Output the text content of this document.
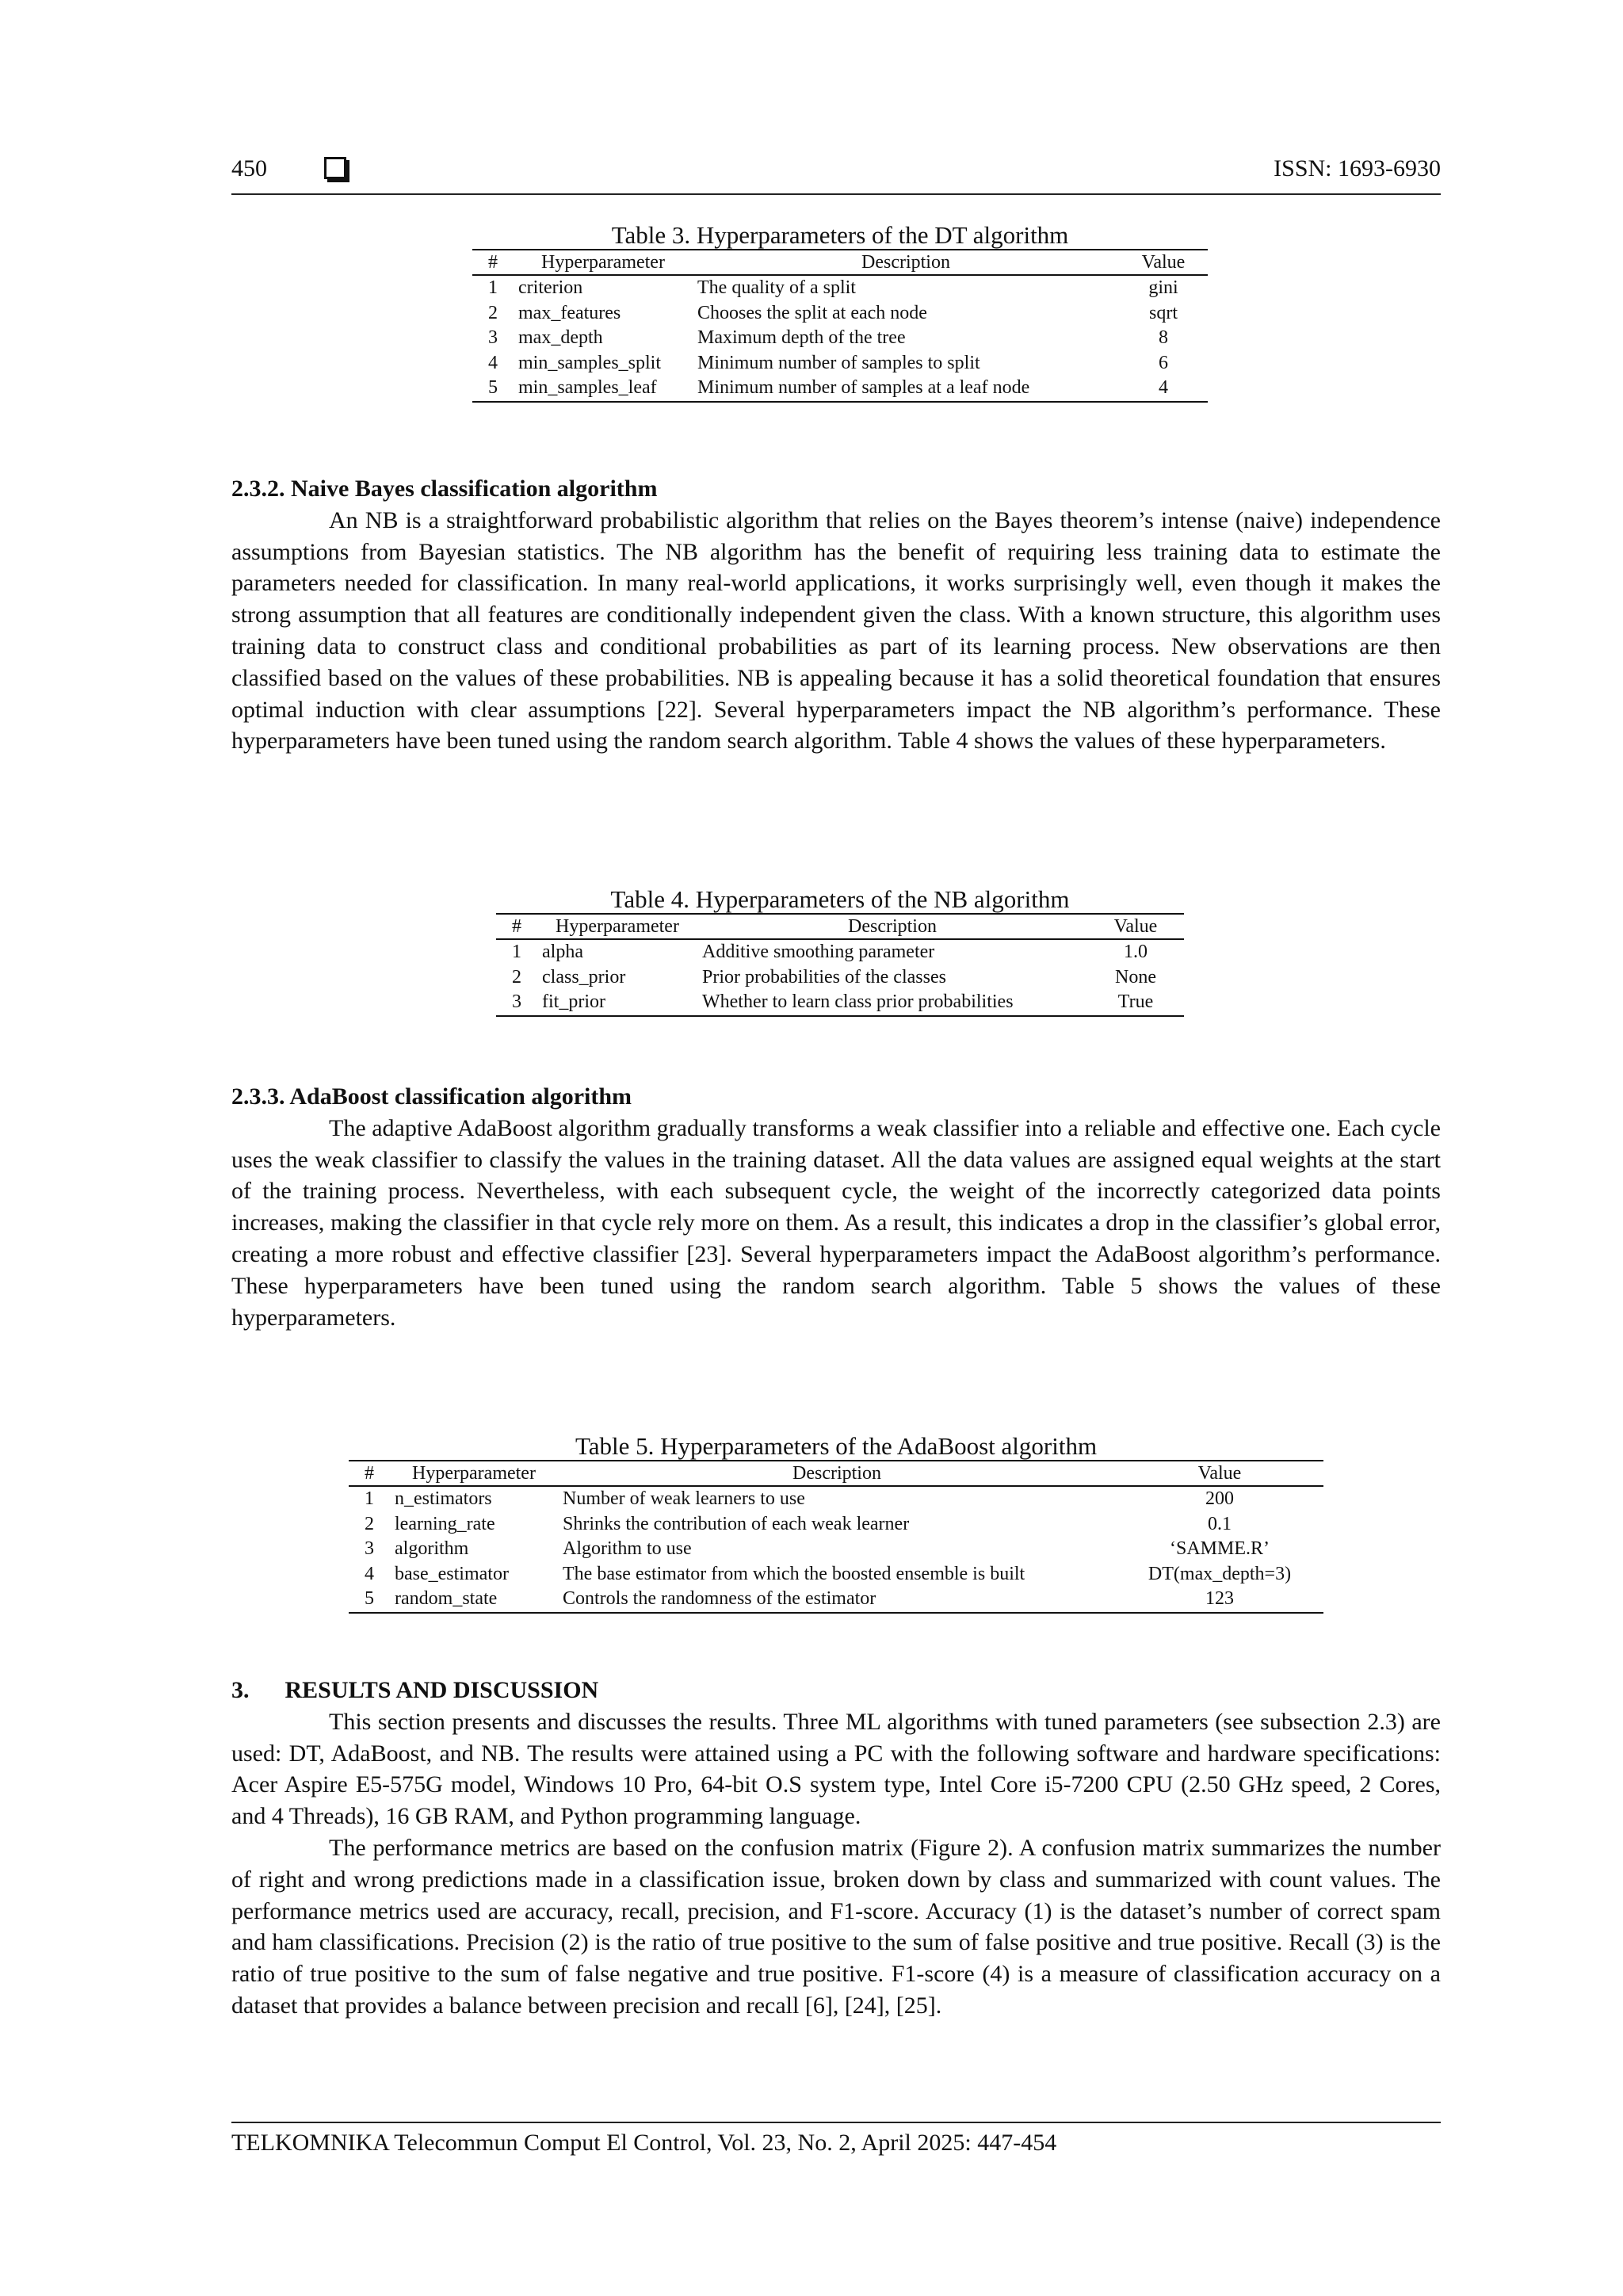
450	ISSN: 1693-6930
Table 3. Hyperparameters of the DT algorithm
#	Hyperparameter	Description	Value
1	criterion	The quality of a split	gini
2	max_features	Chooses the split at each node	sqrt
3	max_depth	Maximum depth of the tree	8
4	min_samples_split	Minimum number of samples to split	6
5	min_samples_leaf	Minimum number of samples at a leaf node	4
2.3.2. Naive Bayes classification algorithm

An NB is a straightforward probabilistic algorithm that relies on the Bayes theorem’s intense (naive) independence assumptions from Bayesian statistics. The NB algorithm has the benefit of requiring less training data to estimate the parameters needed for classification. In many real-world applications, it works surprisingly well, even though it makes the strong assumption that all features are conditionally independent given the class. With a known structure, this algorithm uses training data to construct class and conditional probabilities as part of its learning process. New observations are then classified based on the values of these probabilities. NB is appealing because it has a solid theoretical foundation that ensures optimal induction with clear assumptions [22]. Several hyperparameters impact the NB algorithm’s performance. These hyperparameters have been tuned using the random search algorithm. Table 4 shows the values of these hyperparameters.

Table 4. Hyperparameters of the NB algorithm
#	Hyperparameter	Description	Value
1	alpha	Additive smoothing parameter	1.0
2	class_prior	Prior probabilities of the classes	None
3	fit_prior	Whether to learn class prior probabilities	True
2.3.3. AdaBoost classification algorithm

The adaptive AdaBoost algorithm gradually transforms a weak classifier into a reliable and effective one. Each cycle uses the weak classifier to classify the values in the training dataset. All the data values are assigned equal weights at the start of the training process. Nevertheless, with each subsequent cycle, the weight of the incorrectly categorized data points increases, making the classifier in that cycle rely more on them. As a result, this indicates a drop in the classifier’s global error, creating a more robust and effective classifier [23]. Several hyperparameters impact the AdaBoost algorithm’s performance. These hyperparameters have been tuned using the random search algorithm. Table 5 shows the values of these hyperparameters.

Table 5. Hyperparameters of the AdaBoost algorithm
#	Hyperparameter	Description	Value
1	n_estimators	Number of weak learners to use	200
2	learning_rate	Shrinks the contribution of each weak learner	0.1
3	algorithm	Algorithm to use	‘SAMME.R’
4	base_estimator	The base estimator from which the boosted ensemble is built	DT(max_depth=3)
5	random_state	Controls the randomness of the estimator	123
3.      RESULTS AND DISCUSSION

This section presents and discusses the results. Three ML algorithms with tuned parameters (see subsection 2.3) are used: DT, AdaBoost, and NB. The results were attained using a PC with the following software and hardware specifications: Acer Aspire E5-575G model, Windows 10 Pro, 64-bit O.S system type, Intel Core i5-7200 CPU (2.50 GHz speed, 2 Cores, and 4 Threads), 16 GB RAM, and Python programming language.

The performance metrics are based on the confusion matrix (Figure 2). A confusion matrix summarizes the number of right and wrong predictions made in a classification issue, broken down by class and summarized with count values. The performance metrics used are accuracy, recall, precision, and F1-score. Accuracy (1) is the dataset’s number of correct spam and ham classifications. Precision (2) is the ratio of true positive to the sum of false positive and true positive. Recall (3) is the ratio of true positive to the sum of false negative and true positive. F1-score (4) is a measure of classification accuracy on a dataset that provides a balance between precision and recall [6], [24], [25].

TELKOMNIKA Telecommun Comput El Control, Vol. 23, No. 2, April 2025: 447-454
